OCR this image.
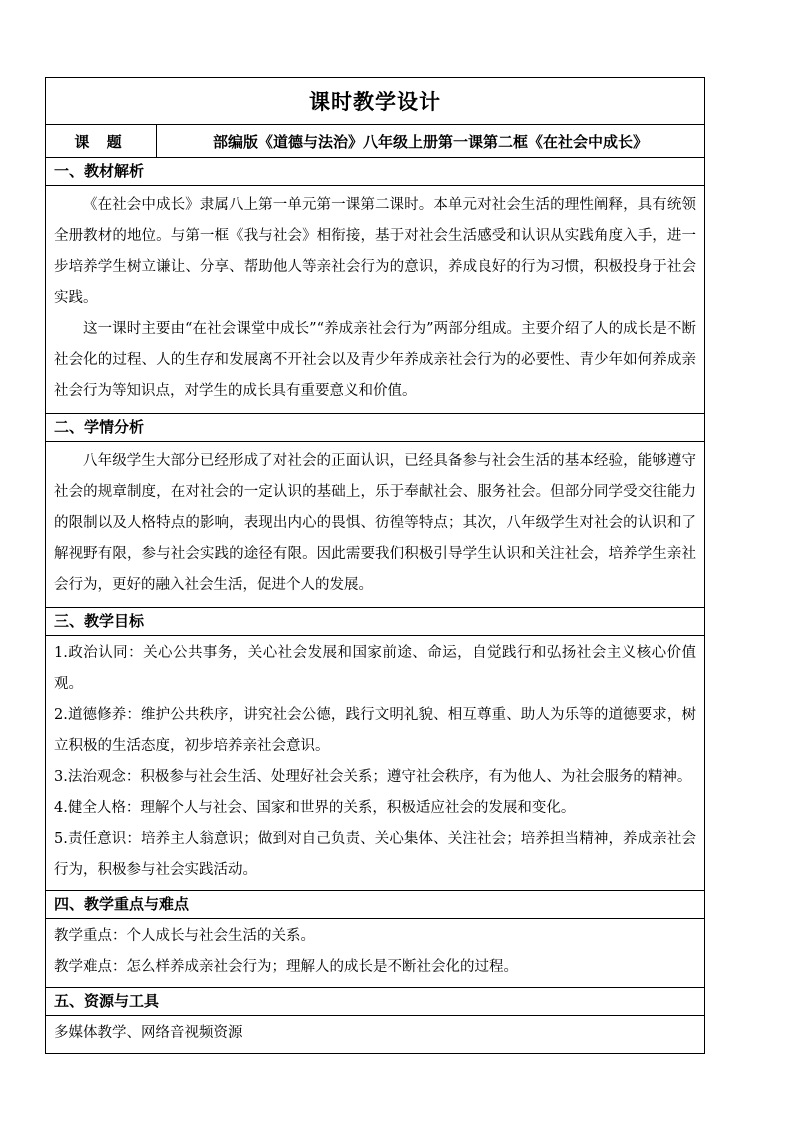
课时教学设计
课 题	部编版《道德与法治》八年级上册第一课第二框《在社会中成长》
一、教材解析

《在社会中成长》隶属八上第一单元第一课第二课时。本单元对社会生活的理性阐释，具有统领全册教材的地位。与第一框《我与社会》相衔接，基于对社会生活感受和认识从实践角度入手，进一步培养学生树立谦让、分享、帮助他人等亲社会行为的意识，养成良好的行为习惯，积极投身于社会实践。

这一课时主要由“在社会课堂中成长”“养成亲社会行为”两部分组成。主要介绍了人的成长是不断社会化的过程、人的生存和发展离不开社会以及青少年养成亲社会行为的必要性、青少年如何养成亲社会行为等知识点，对学生的成长具有重要意义和价值。

二、学情分析

八年级学生大部分已经形成了对社会的正面认识，已经具备参与社会生活的基本经验，能够遵守社会的规章制度，在对社会的一定认识的基础上，乐于奉献社会、服务社会。但部分同学受交往能力的限制以及人格特点的影响，表现出内心的畏惧、彷徨等特点；其次，八年级学生对社会的认识和了解视野有限，参与社会实践的途径有限。因此需要我们积极引导学生认识和关注社会，培养学生亲社会行为，更好的融入社会生活，促进个人的发展。

三、教学目标

1.政治认同：关心公共事务，关心社会发展和国家前途、命运，自觉践行和弘扬社会主义核心价值观。

2.道德修养：维护公共秩序，讲究社会公德，践行文明礼貌、相互尊重、助人为乐等的道德要求，树立积极的生活态度，初步培养亲社会意识。

3.法治观念：积极参与社会生活、处理好社会关系；遵守社会秩序，有为他人、为社会服务的精神。

4.健全人格：理解个人与社会、国家和世界的关系，积极适应社会的发展和变化。

5.责任意识：培养主人翁意识；做到对自己负责、关心集体、关注社会；培养担当精神，养成亲社会行为，积极参与社会实践活动。

四、教学重点与难点

教学重点：个人成长与社会生活的关系。

教学难点：怎么样养成亲社会行为；理解人的成长是不断社会化的过程。

五、资源与工具

多媒体教学、网络音视频资源
